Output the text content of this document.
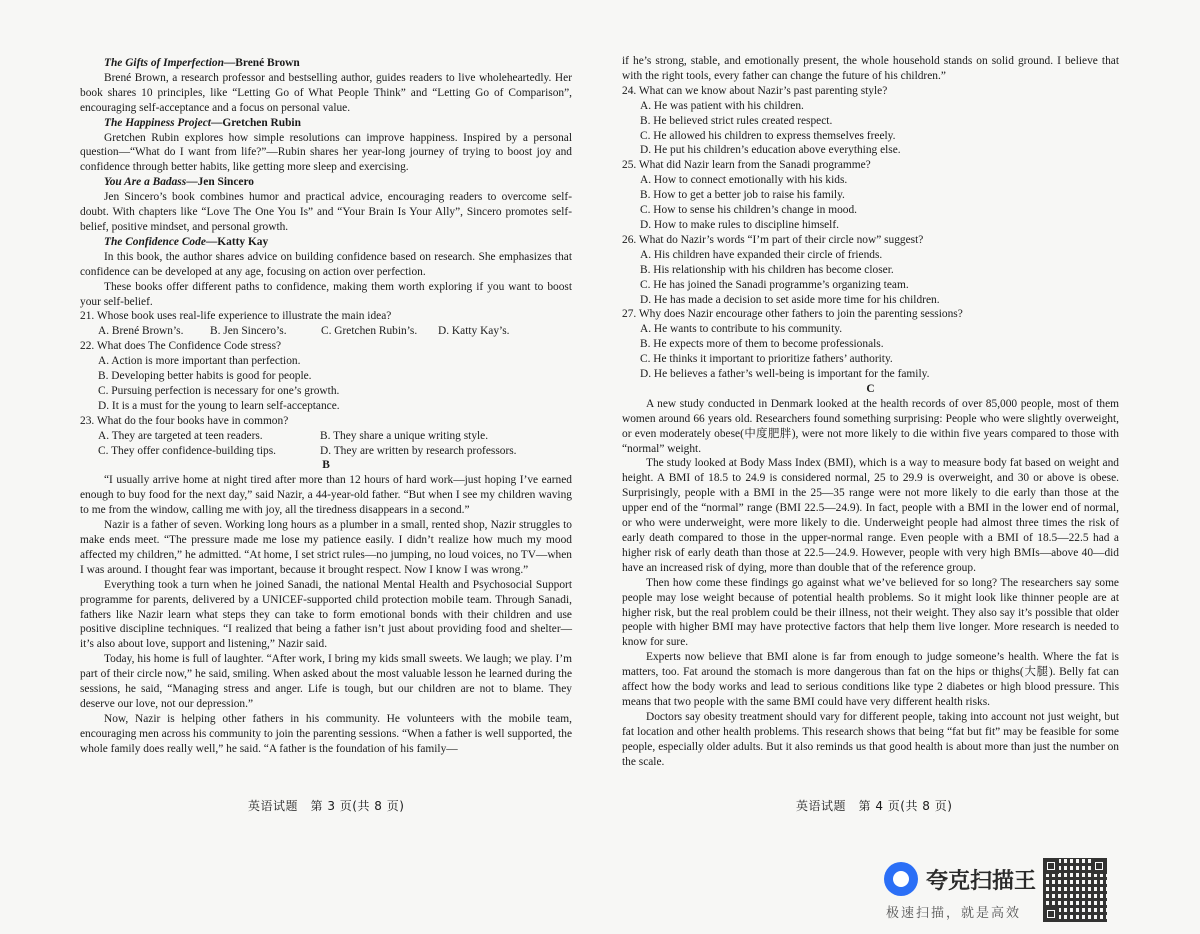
The Gifts of Imperfection—Brené Brown

Brené Brown, a research professor and bestselling author, guides readers to live wholeheartedly. Her book shares 10 principles, like “Letting Go of What People Think” and “Letting Go of Comparison”, encouraging self-acceptance and a focus on personal value.

The Happiness Project—Gretchen Rubin

Gretchen Rubin explores how simple resolutions can improve happiness. Inspired by a personal question—“What do I want from life?”—Rubin shares her year-long journey of trying to boost joy and confidence through better habits, like getting more sleep and exercising.

You Are a Badass—Jen Sincero

Jen Sincero’s book combines humor and practical advice, encouraging readers to overcome self-doubt. With chapters like “Love The One You Is” and “Your Brain Is Your Ally”, Sincero promotes self-belief, positive mindset, and personal growth.

The Confidence Code—Katty Kay

In this book, the author shares advice on building confidence based on research. She emphasizes that confidence can be developed at any age, focusing on action over perfection.

These books offer different paths to confidence, making them worth exploring if you want to boost your self-belief.

21. Whose book uses real-life experience to illustrate the main idea?

A. Brené Brown’s.	B. Jen Sincero’s.	C. Gretchen Rubin’s.	D. Katty Kay’s.

22. What does The Confidence Code stress?

A. Action is more important than perfection.

B. Developing better habits is good for people.

C. Pursuing perfection is necessary for one’s growth.

D. It is a must for the young to learn self-acceptance.

23. What do the four books have in common?

A. They are targeted at teen readers.	B. They share a unique writing style.
C. They offer confidence-building tips.	D. They are written by research professors.

B

“I usually arrive home at night tired after more than 12 hours of hard work—just hoping I’ve earned enough to buy food for the next day,” said Nazir, a 44-year-old father. “But when I see my children waving to me from the window, calling me with joy, all the tiredness disappears in a second.”

Nazir is a father of seven. Working long hours as a plumber in a small, rented shop, Nazir struggles to make ends meet. “The pressure made me lose my patience easily. I didn’t realize how much my mood affected my children,” he admitted. “At home, I set strict rules—no jumping, no loud voices, no TV—when I was around. I thought fear was important, because it brought respect. Now I know I was wrong.”

Everything took a turn when he joined Sanadi, the national Mental Health and Psychosocial Support programme for parents, delivered by a UNICEF-supported child protection mobile team. Through Sanadi, fathers like Nazir learn what steps they can take to form emotional bonds with their children and use positive discipline techniques. “I realized that being a father isn’t just about providing food and shelter—it’s also about love, support and listening,” Nazir said.

Today, his home is full of laughter. “After work, I bring my kids small sweets. We laugh; we play. I’m part of their circle now,” he said, smiling. When asked about the most valuable lesson he learned during the sessions, he said, “Managing stress and anger. Life is tough, but our children are not to blame. They deserve our love, not our depression.”

Now, Nazir is helping other fathers in his community. He volunteers with the mobile team, encouraging men across his community to join the parenting sessions. “When a father is well supported, the whole family does really well,” he said. “A father is the foundation of his family—

if he’s strong, stable, and emotionally present, the whole household stands on solid ground. I believe that with the right tools, every father can change the future of his children.”

24. What can we know about Nazir’s past parenting style?

A. He was patient with his children.

B. He believed strict rules created respect.

C. He allowed his children to express themselves freely.

D. He put his children’s education above everything else.

25. What did Nazir learn from the Sanadi programme?

A. How to connect emotionally with his kids.

B. How to get a better job to raise his family.

C. How to sense his children’s change in mood.

D. How to make rules to discipline himself.

26. What do Nazir’s words “I’m part of their circle now” suggest?

A. His children have expanded their circle of friends.

B. His relationship with his children has become closer.

C. He has joined the Sanadi programme’s organizing team.

D. He has made a decision to set aside more time for his children.

27. Why does Nazir encourage other fathers to join the parenting sessions?

A. He wants to contribute to his community.

B. He expects more of them to become professionals.

C. He thinks it important to prioritize fathers’ authority.

D. He believes a father’s well-being is important for the family.

C

A new study conducted in Denmark looked at the health records of over 85,000 people, most of them women around 66 years old. Researchers found something surprising: People who were slightly overweight, or even moderately obese(中度肥胖), were not more likely to die within five years compared to those with “normal” weight.

The study looked at Body Mass Index (BMI), which is a way to measure body fat based on weight and height. A BMI of 18.5 to 24.9 is considered normal, 25 to 29.9 is overweight, and 30 or above is obese. Surprisingly, people with a BMI in the 25—35 range were not more likely to die early than those at the upper end of the “normal” range (BMI 22.5—24.9). In fact, people with a BMI in the lower end of normal, or who were underweight, were more likely to die. Underweight people had almost three times the risk of early death compared to those in the upper-normal range. Even people with a BMI of 18.5—22.5 had a higher risk of early death than those at 22.5—24.9. However, people with very high BMIs—above 40—did have an increased risk of dying, more than double that of the reference group.

Then how come these findings go against what we’ve believed for so long? The researchers say some people may lose weight because of potential health problems. So it might look like thinner people are at higher risk, but the real problem could be their illness, not their weight. They also say it’s possible that older people with higher BMI may have protective factors that help them live longer. More research is needed to know for sure.

Experts now believe that BMI alone is far from enough to judge someone’s health. Where the fat is matters, too. Fat around the stomach is more dangerous than fat on the hips or thighs(大腿). Belly fat can affect how the body works and lead to serious conditions like type 2 diabetes or high blood pressure. This means that two people with the same BMI could have very different health risks.

Doctors say obesity treatment should vary for different people, taking into account not just weight, but fat location and other health problems. This research shows that being “fat but fit” may be feasible for some people, especially older adults. But it also reminds us that good health is about more than just the number on the scale.

英语试题　第 3 页(共 8 页)	英语试题　第 4 页(共 8 页)
夸克扫描王
极速扫描，就是高效
